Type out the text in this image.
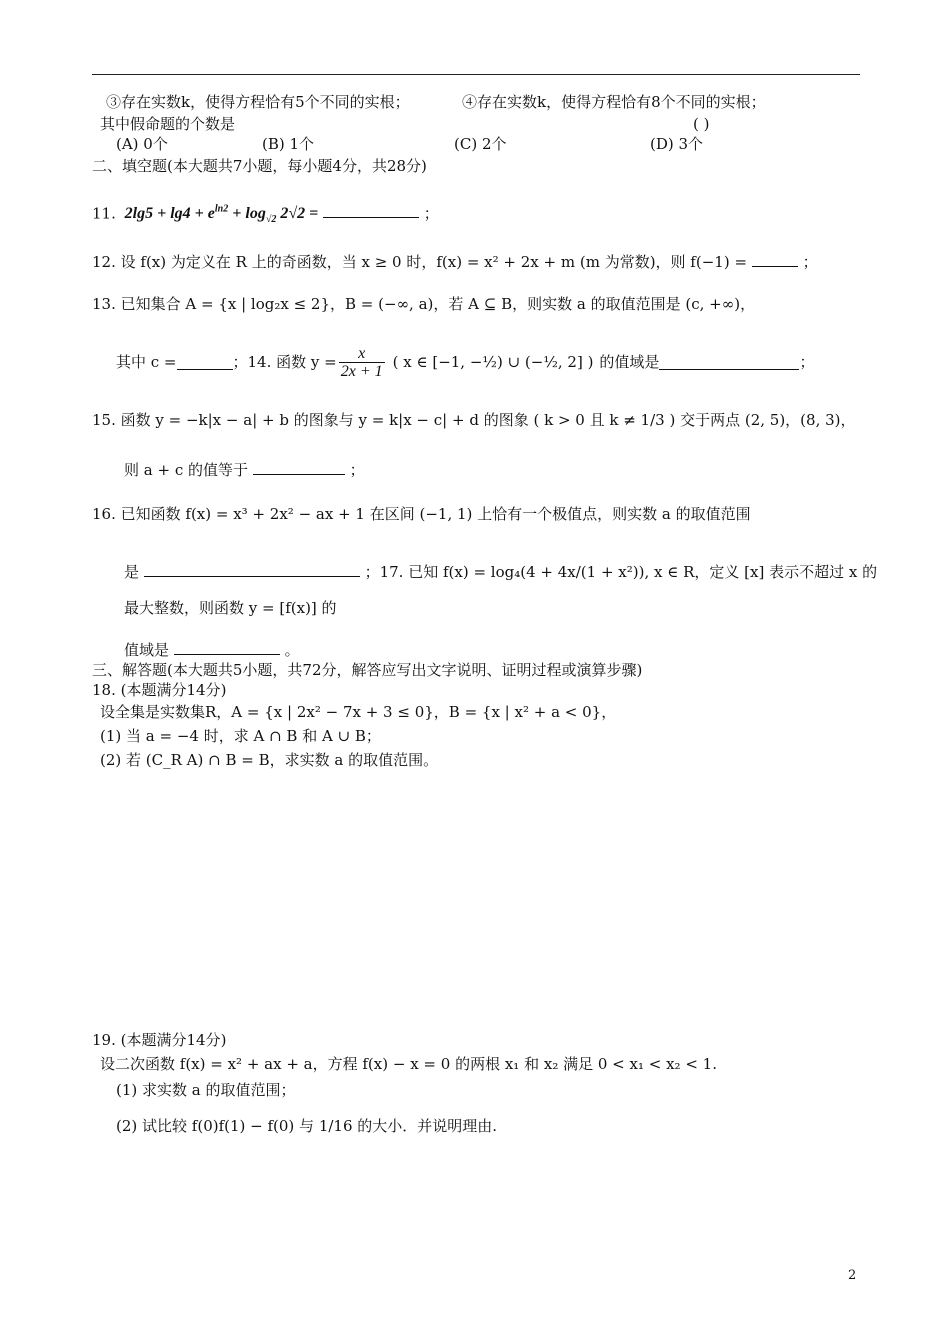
③存在实数k，使得方程恰有5个不同的实根；	④存在实数k，使得方程恰有8个不同的实根；
其中假命题的个数是	( )
(A) 0个	(B) 1个	(C) 2个	(D) 3个
二、填空题(本大题共7小题，每小题4分，共28分)
11.  $2\lg 5 + \lg 4 + e^{ln2} + \log_{√2} 2√2$ =	；
12. 设 f(x) 为定义在 R 上的奇函数，当 x ≥ 0 时，f(x) = x² + 2x + m (m 为常数)，则 f(−1) =	；
13. 已知集合 A = {x | log₂x ≤ 2}，B = (−∞, a)，若 A ⊆ B，则实数 a 的取值范围是 (c, +∞)，
其中 c =	；14. 函数 $y = \frac{x}{2x + 1}$ ( x ∈ [−1, −½) ∪ (−½, 2] ) 的值域是	；
15. 函数 y = −k|x − a| + b 的图象与 y = k|x − c| + d 的图象 ( k > 0 且 k ≠ 1/3 ) 交于两点 (2, 5)，(8, 3)，
则 a + c 的值等于	；
16. 已知函数 f(x) = x³ + 2x² − ax + 1 在区间 (−1, 1) 上恰有一个极值点，则实数 a 的取值范围
是	；17. 已知 f(x) = log₄(4 + 4x/(1 + x²)), x ∈ R，定义 [x] 表示不超过 x 的
最大整数，则函数 y = [f(x)] 的
值域是	。
三、解答题(本大题共5小题，共72分，解答应写出文字说明、证明过程或演算步骤)
18. (本题满分14分)
设全集是实数集R，A = {x | 2x² − 7x + 3 ≤ 0}，B = {x | x² + a < 0}，
(1) 当 a = −4 时，求 A ∩ B 和 A ∪ B；
(2) 若 (C_R A) ∩ B = B，求实数 a 的取值范围。
19. (本题满分14分)
设二次函数 f(x) = x² + ax + a，方程 f(x) − x = 0 的两根 x₁ 和 x₂ 满足 0 < x₁ < x₂ < 1.
(1) 求实数 a 的取值范围；
(2) 试比较 f(0)f(1) − f(0) 与 1/16 的大小．并说明理由.
2
